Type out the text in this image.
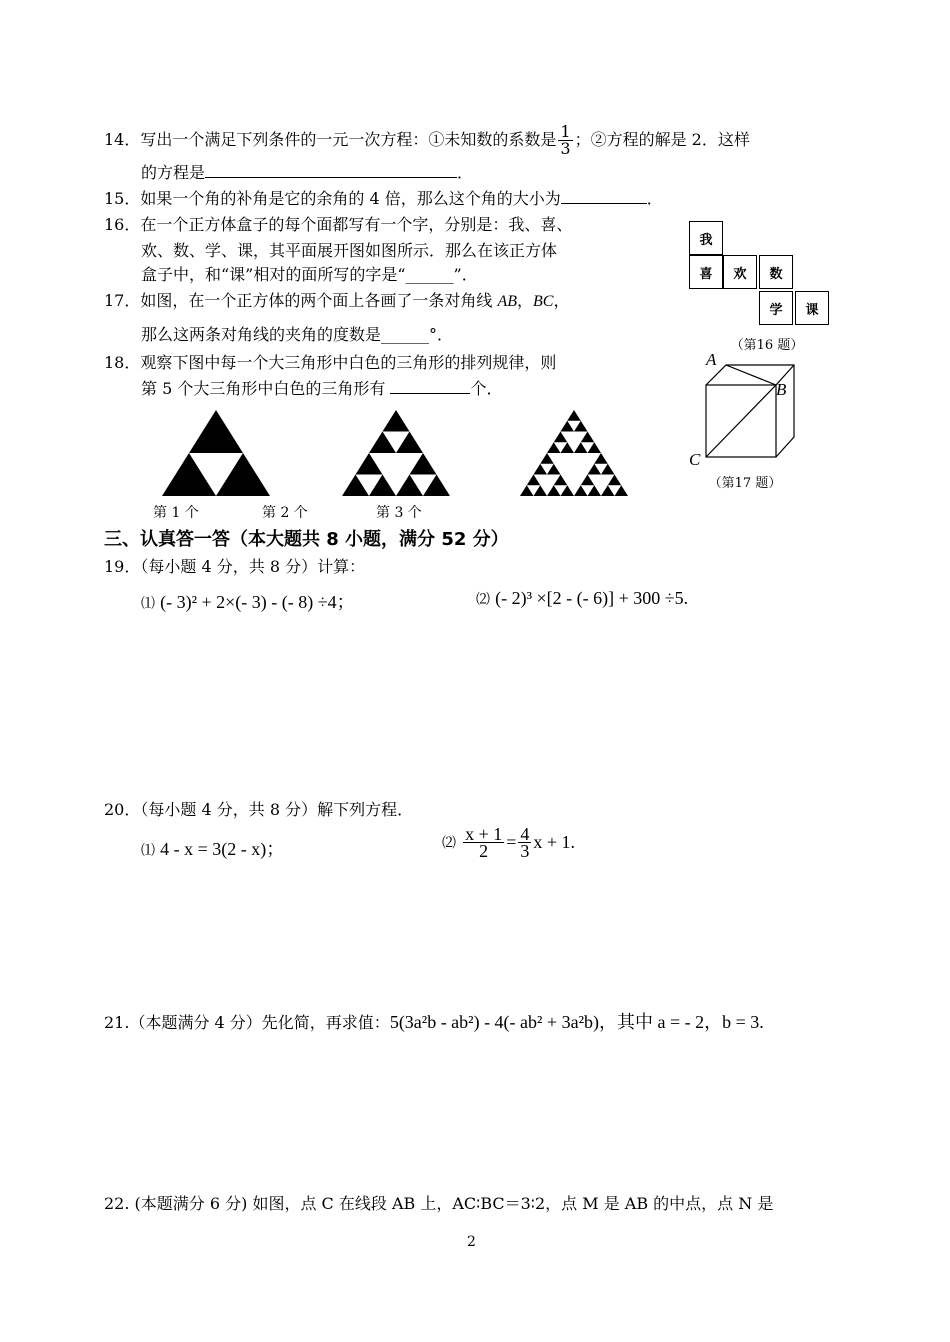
14．写出一个满足下列条件的一元一次方程：①未知数的系数是 $\frac{1}{3}$ ；②方程的解是 2．这样
的方程是	．
15．如果一个角的补角是它的余角的 4 倍，那么这个角的大小为	．
16．在一个正方体盒子的每个面都写有一个字，分别是：我、喜、
欢、数、学、课，其平面展开图如图所示．那么在该正方体
盒子中，和“课”相对的面所写的字是“______”．
17．如图，在一个正方体的两个面上各画了一条对角线 AB，BC，
那么这两条对角线的夹角的度数是______°．
18．观察下图中每一个大三角形中白色的三角形的排列规律，则
第 5 个大三角形中白色的三角形有	个．
我
喜	欢	数
学	课
（第16 题）
A
B
C
（第17 题）
第 1 个	第 2 个	第 3 个
三、认真答一答（本大题共 8 小题，满分 52 分）
19．（每小题 4 分，共 8 分）计算：
⑴ (- 3)² + 2×(- 3) - (- 8) ÷4；	⑵ (- 2)³ ×[2 - (- 6)] + 300 ÷5.
20．（每小题 4 分，共 8 分）解下列方程．
⑴ 4 - x = 3(2 - x)；	⑵ $\frac{x + 1}{2} = \frac{4}{3}$ x + 1.
21.（本题满分 4 分）先化简，再求值：5(3a²b - ab²) - 4(- ab² + 3a²b)，其中 a = - 2，b = 3.
22. (本题满分 6 分) 如图，点 C 在线段 AB 上，AC∶BC＝3∶2，点 M 是 AB 的中点，点 N 是
2
